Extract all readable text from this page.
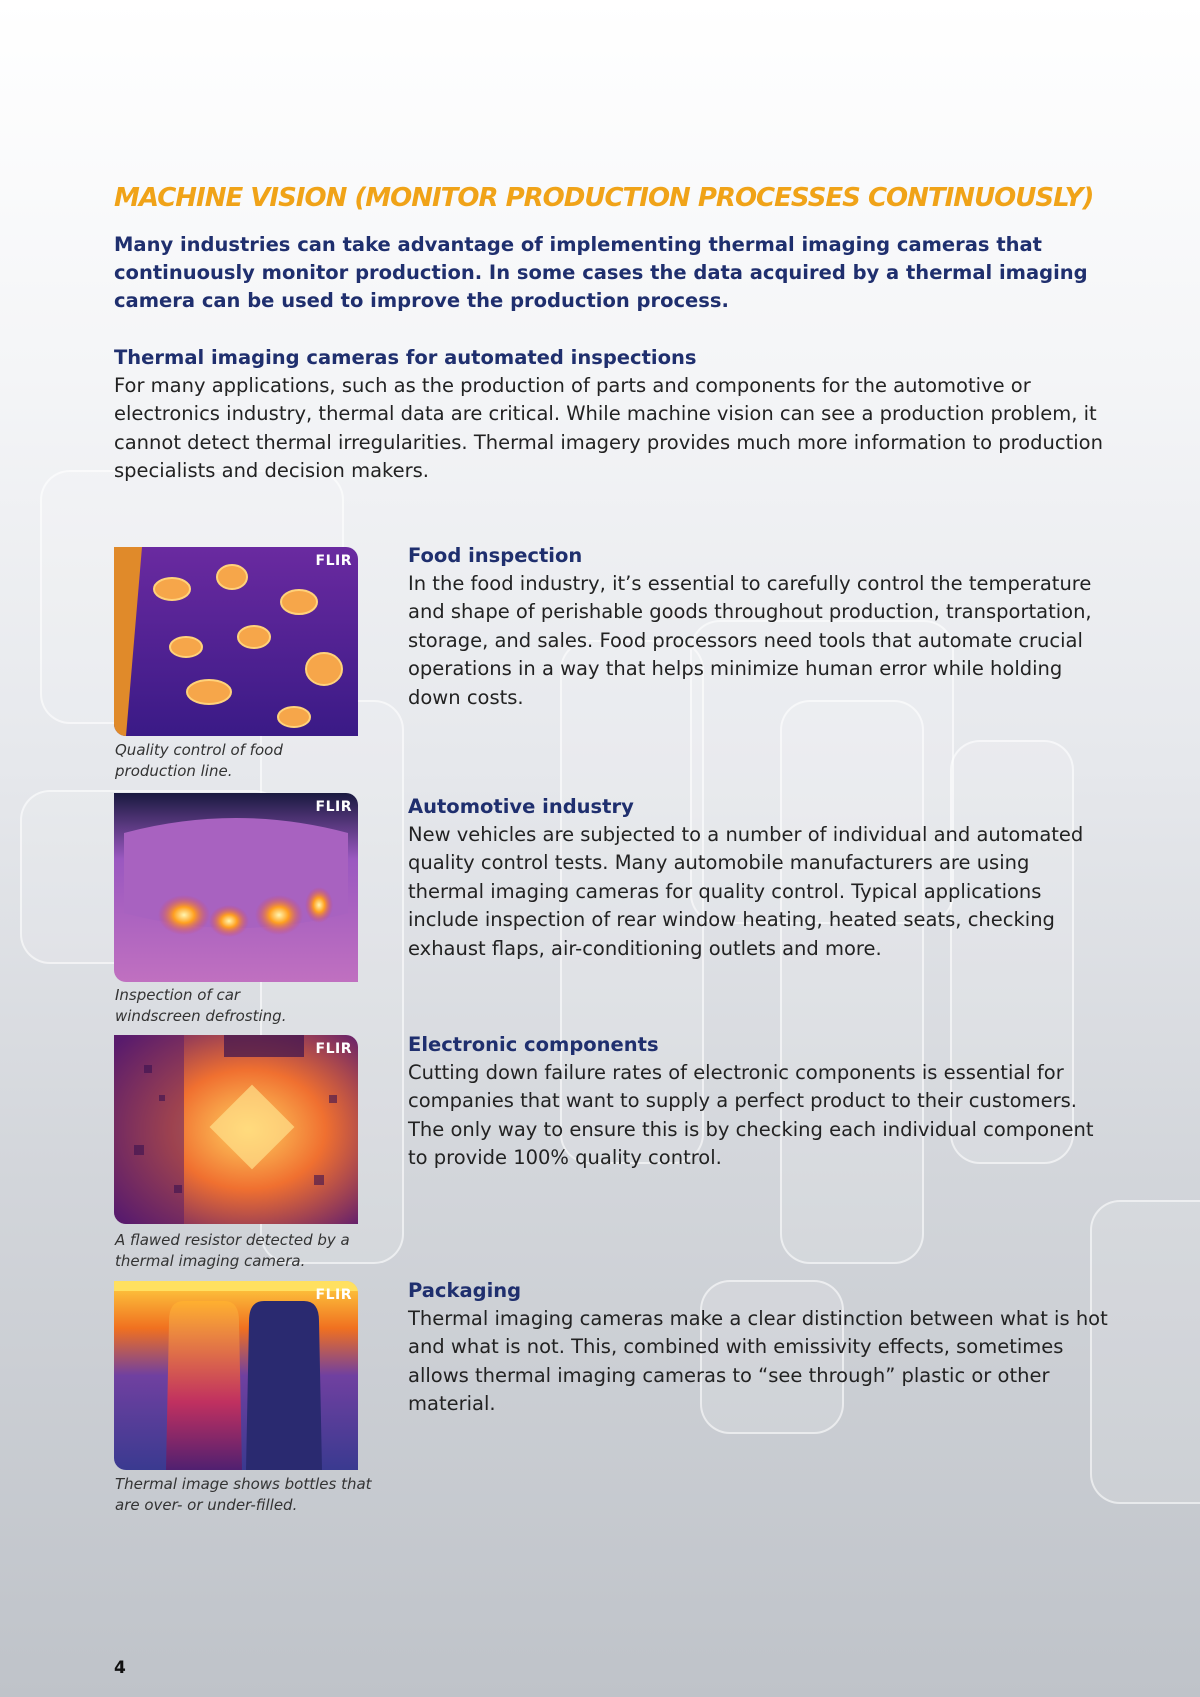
MACHINE VISION (MONITOR PRODUCTION PROCESSES CONTINUOUSLY)

Many industries can take advantage of implementing thermal imaging cameras that continuously monitor production. In some cases the data acquired by a thermal imaging camera can be used to improve the production process.

Thermal imaging cameras for automated inspections

For many applications, such as the production of parts and components for the automotive or electronics industry, thermal data are critical. While machine vision can see a production problem, it cannot detect thermal irregularities. Thermal imagery provides much more information to production specialists and decision makers.

FLIR

Quality control of food
production line.

Food inspection

In the food industry, it’s essential to carefully control the temperature and shape of perishable goods throughout production, transportation, storage, and sales. Food processors need tools that automate crucial operations in a way that helps minimize human error while holding down costs.

FLIR

Inspection of car
windscreen defrosting.

Automotive industry

New vehicles are subjected to a number of individual and automated quality control tests. Many automobile manufacturers are using thermal imaging cameras for quality control. Typical applications include inspection of rear window heating, heated seats, checking exhaust flaps, air-conditioning outlets and more.

FLIR

A flawed resistor detected by a
thermal imaging camera.

Electronic components

Cutting down failure rates of electronic components is essential for companies that want to supply a perfect product to their customers. The only way to ensure this is by checking each individual component to provide 100% quality control.

FLIR

Thermal image shows bottles that
are over- or under-filled.

Packaging

Thermal imaging cameras make a clear distinction between what is hot and what is not. This, combined with emissivity effects, sometimes allows thermal imaging cameras to “see through” plastic or other material.

4
